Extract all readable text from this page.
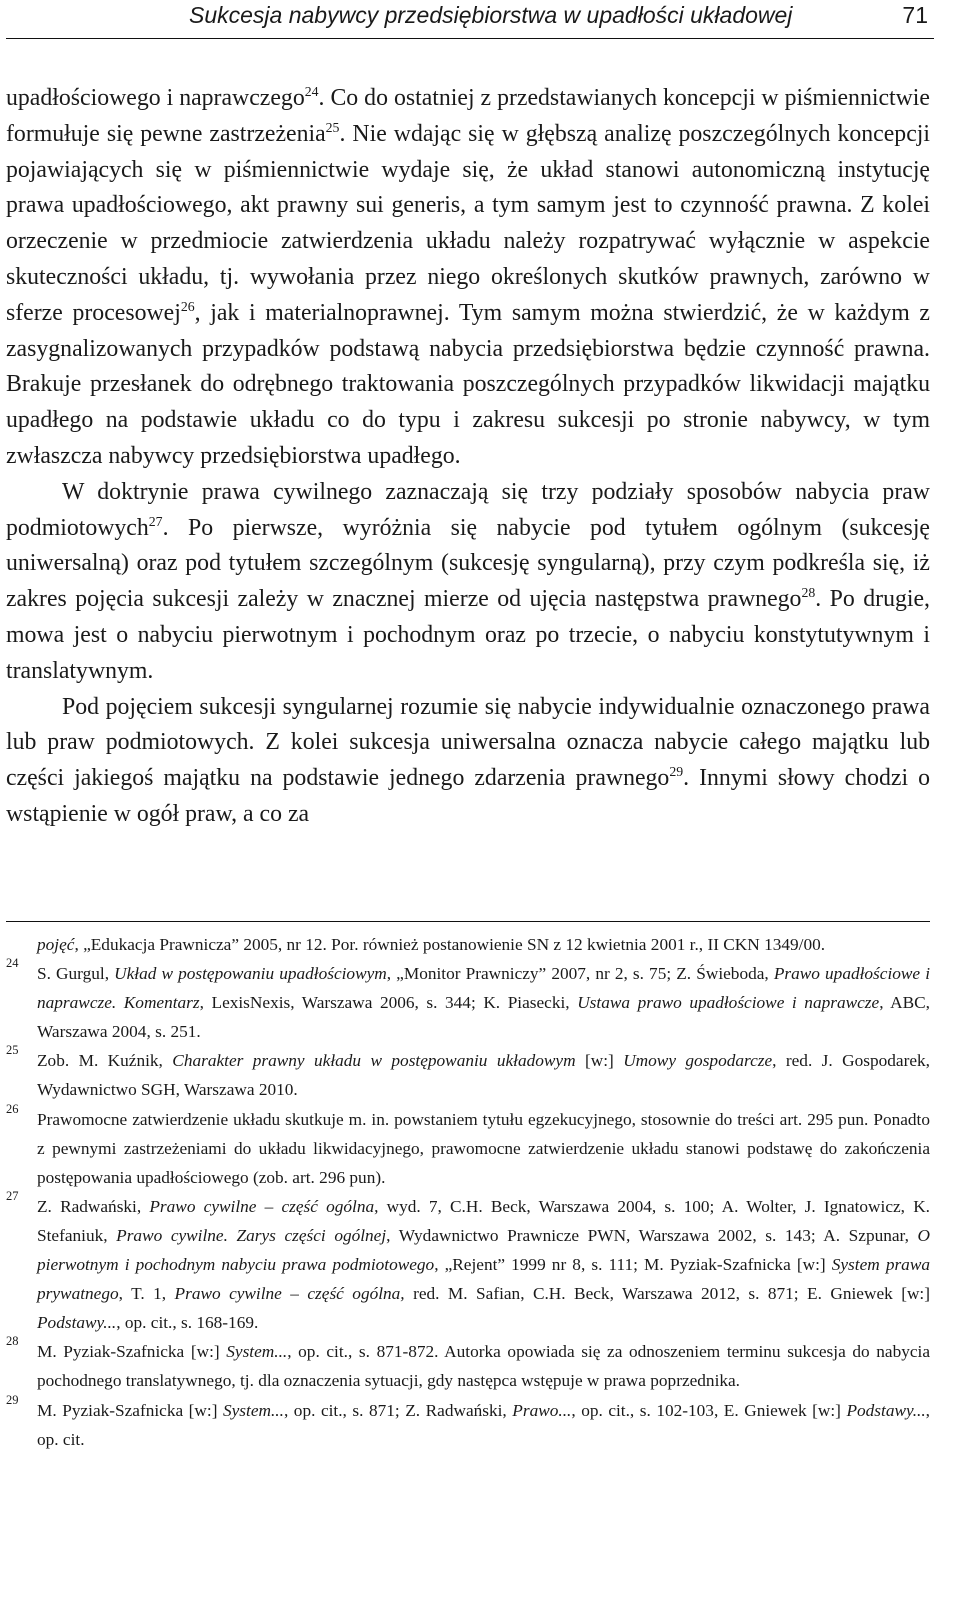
Sukcesja nabywcy przedsiębiorstwa w upadłości układowej	71

upadłościowego i naprawczego$^{24}$. Co do ostatniej z przedstawianych koncepcji w piśmiennictwie formułuje się pewne zastrzeżenia$^{25}$. Nie wdając się w głębszą analizę poszczególnych koncepcji pojawiających się w piśmiennictwie wydaje się, że układ stanowi autonomiczną instytucję prawa upadłościowego, akt prawny sui generis, a tym samym jest to czynność prawna. Z kolei orzeczenie w przedmiocie zatwierdzenia układu należy rozpatrywać wyłącznie w aspekcie skuteczności układu, tj. wywołania przez niego określonych skutków prawnych, zarówno w sferze procesowej$^{26}$, jak i materialnoprawnej. Tym samym można stwierdzić, że w każdym z zasygnalizowanych przypadków podstawą nabycia przedsiębiorstwa będzie czynność prawna. Brakuje przesłanek do odrębnego traktowania poszczególnych przypadków likwidacji majątku upadłego na podstawie układu co do typu i zakresu sukcesji po stronie nabywcy, w tym zwłaszcza nabywcy przedsiębiorstwa upadłego.

W doktrynie prawa cywilnego zaznaczają się trzy podziały sposobów nabycia praw podmiotowych$^{27}$. Po pierwsze, wyróżnia się nabycie pod tytułem ogólnym (sukcesję uniwersalną) oraz pod tytułem szczególnym (sukcesję syngularną), przy czym podkreśla się, iż zakres pojęcia sukcesji zależy w znacznej mierze od ujęcia następstwa prawnego$^{28}$. Po drugie, mowa jest o nabyciu pierwotnym i pochodnym oraz po trzecie, o nabyciu konstytutywnym i translatywnym.

Pod pojęciem sukcesji syngularnej rozumie się nabycie indywidualnie oznaczonego prawa lub praw podmiotowych. Z kolei sukcesja uniwersalna oznacza nabycie całego majątku lub części jakiegoś majątku na podstawie jednego zdarzenia prawnego$^{29}$. Innymi słowy chodzi o wstąpienie w ogół praw, a co za

pojęć, „Edukacja Prawnicza” 2005, nr 12. Por. również postanowienie SN z 12 kwietnia 2001 r., II CKN 1349/00.
24
S. Gurgul, Układ w postępowaniu upadłościowym, „Monitor Prawniczy” 2007, nr 2, s. 75; Z. Świeboda, Prawo upadłościowe i naprawcze. Komentarz, LexisNexis, Warszawa 2006, s. 344; K. Piasecki, Ustawa prawo upadłościowe i naprawcze, ABC, Warszawa 2004, s. 251.
25
Zob. M. Kuźnik, Charakter prawny układu w postępowaniu układowym [w:] Umowy gospodarcze, red. J. Gospodarek, Wydawnictwo SGH, Warszawa 2010.
26
Prawomocne zatwierdzenie układu skutkuje m. in. powstaniem tytułu egzekucyjnego, stosownie do treści art. 295 pun. Ponadto z pewnymi zastrzeżeniami do układu likwidacyjnego, prawomocne zatwierdzenie układu stanowi podstawę do zakończenia postępowania upadłościowego (zob. art. 296 pun).
27
Z. Radwański, Prawo cywilne – część ogólna, wyd. 7, C.H. Beck, Warszawa 2004, s. 100; A. Wolter, J. Ignatowicz, K. Stefaniuk, Prawo cywilne. Zarys części ogólnej, Wydawnictwo Prawnicze PWN, Warszawa 2002, s. 143; A. Szpunar, O pierwotnym i pochodnym nabyciu prawa podmiotowego, „Rejent” 1999 nr 8, s. 111; M. Pyziak-Szafnicka [w:] System prawa prywatnego, T. 1, Prawo cywilne – część ogólna, red. M. Safian, C.H. Beck, Warszawa 2012, s. 871; E. Gniewek [w:] Podstawy..., op. cit., s. 168-169.
28
M. Pyziak-Szafnicka [w:] System..., op. cit., s. 871-872. Autorka opowiada się za odnoszeniem terminu sukcesja do nabycia pochodnego translatywnego, tj. dla oznaczenia sytuacji, gdy następca wstępuje w prawa poprzednika.
29
M. Pyziak-Szafnicka [w:] System..., op. cit., s. 871; Z. Radwański, Prawo..., op. cit., s. 102-103, E. Gniewek [w:] Podstawy..., op. cit.
